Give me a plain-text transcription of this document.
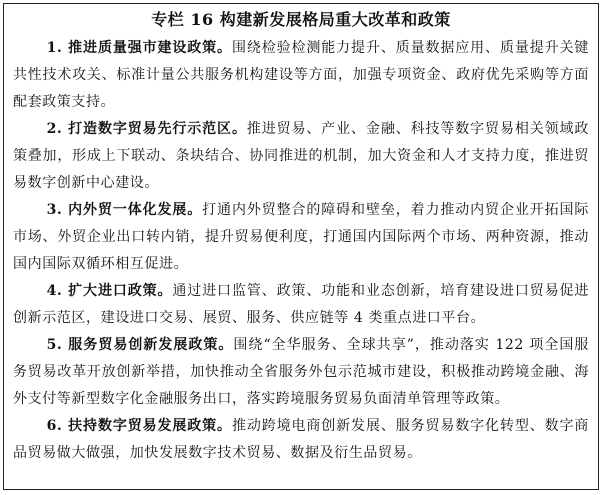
专栏 16 构建新发展格局重大改革和政策

1. 推进质量强市建设政策。围绕检验检测能力提升、质量数据应用、质量提升关键共性技术攻关、标准计量公共服务机构建设等方面，加强专项资金、政府优先采购等方面配套政策支持。

2. 打造数字贸易先行示范区。推进贸易、产业、金融、科技等数字贸易相关领域政策叠加，形成上下联动、条块结合、协同推进的机制，加大资金和人才支持力度，推进贸易数字创新中心建设。

3. 内外贸一体化发展。打通内外贸整合的障碍和壁垒，着力推动内贸企业开拓国际市场、外贸企业出口转内销，提升贸易便利度，打通国内国际两个市场、两种资源，推动国内国际双循环相互促进。

4. 扩大进口政策。通过进口监管、政策、功能和业态创新，培育建设进口贸易促进创新示范区，建设进口交易、展贸、服务、供应链等 4 类重点进口平台。

5. 服务贸易创新发展政策。围绕“全华服务、全球共享”，推动落实 122 项全国服务贸易改革开放创新举措，加快推动全省服务外包示范城市建设，积极推动跨境金融、海外支付等新型数字化金融服务出口，落实跨境服务贸易负面清单管理等政策。

6. 扶持数字贸易发展政策。推动跨境电商创新发展、服务贸易数字化转型、数字商品贸易做大做强，加快发展数字技术贸易、数据及衍生品贸易。
